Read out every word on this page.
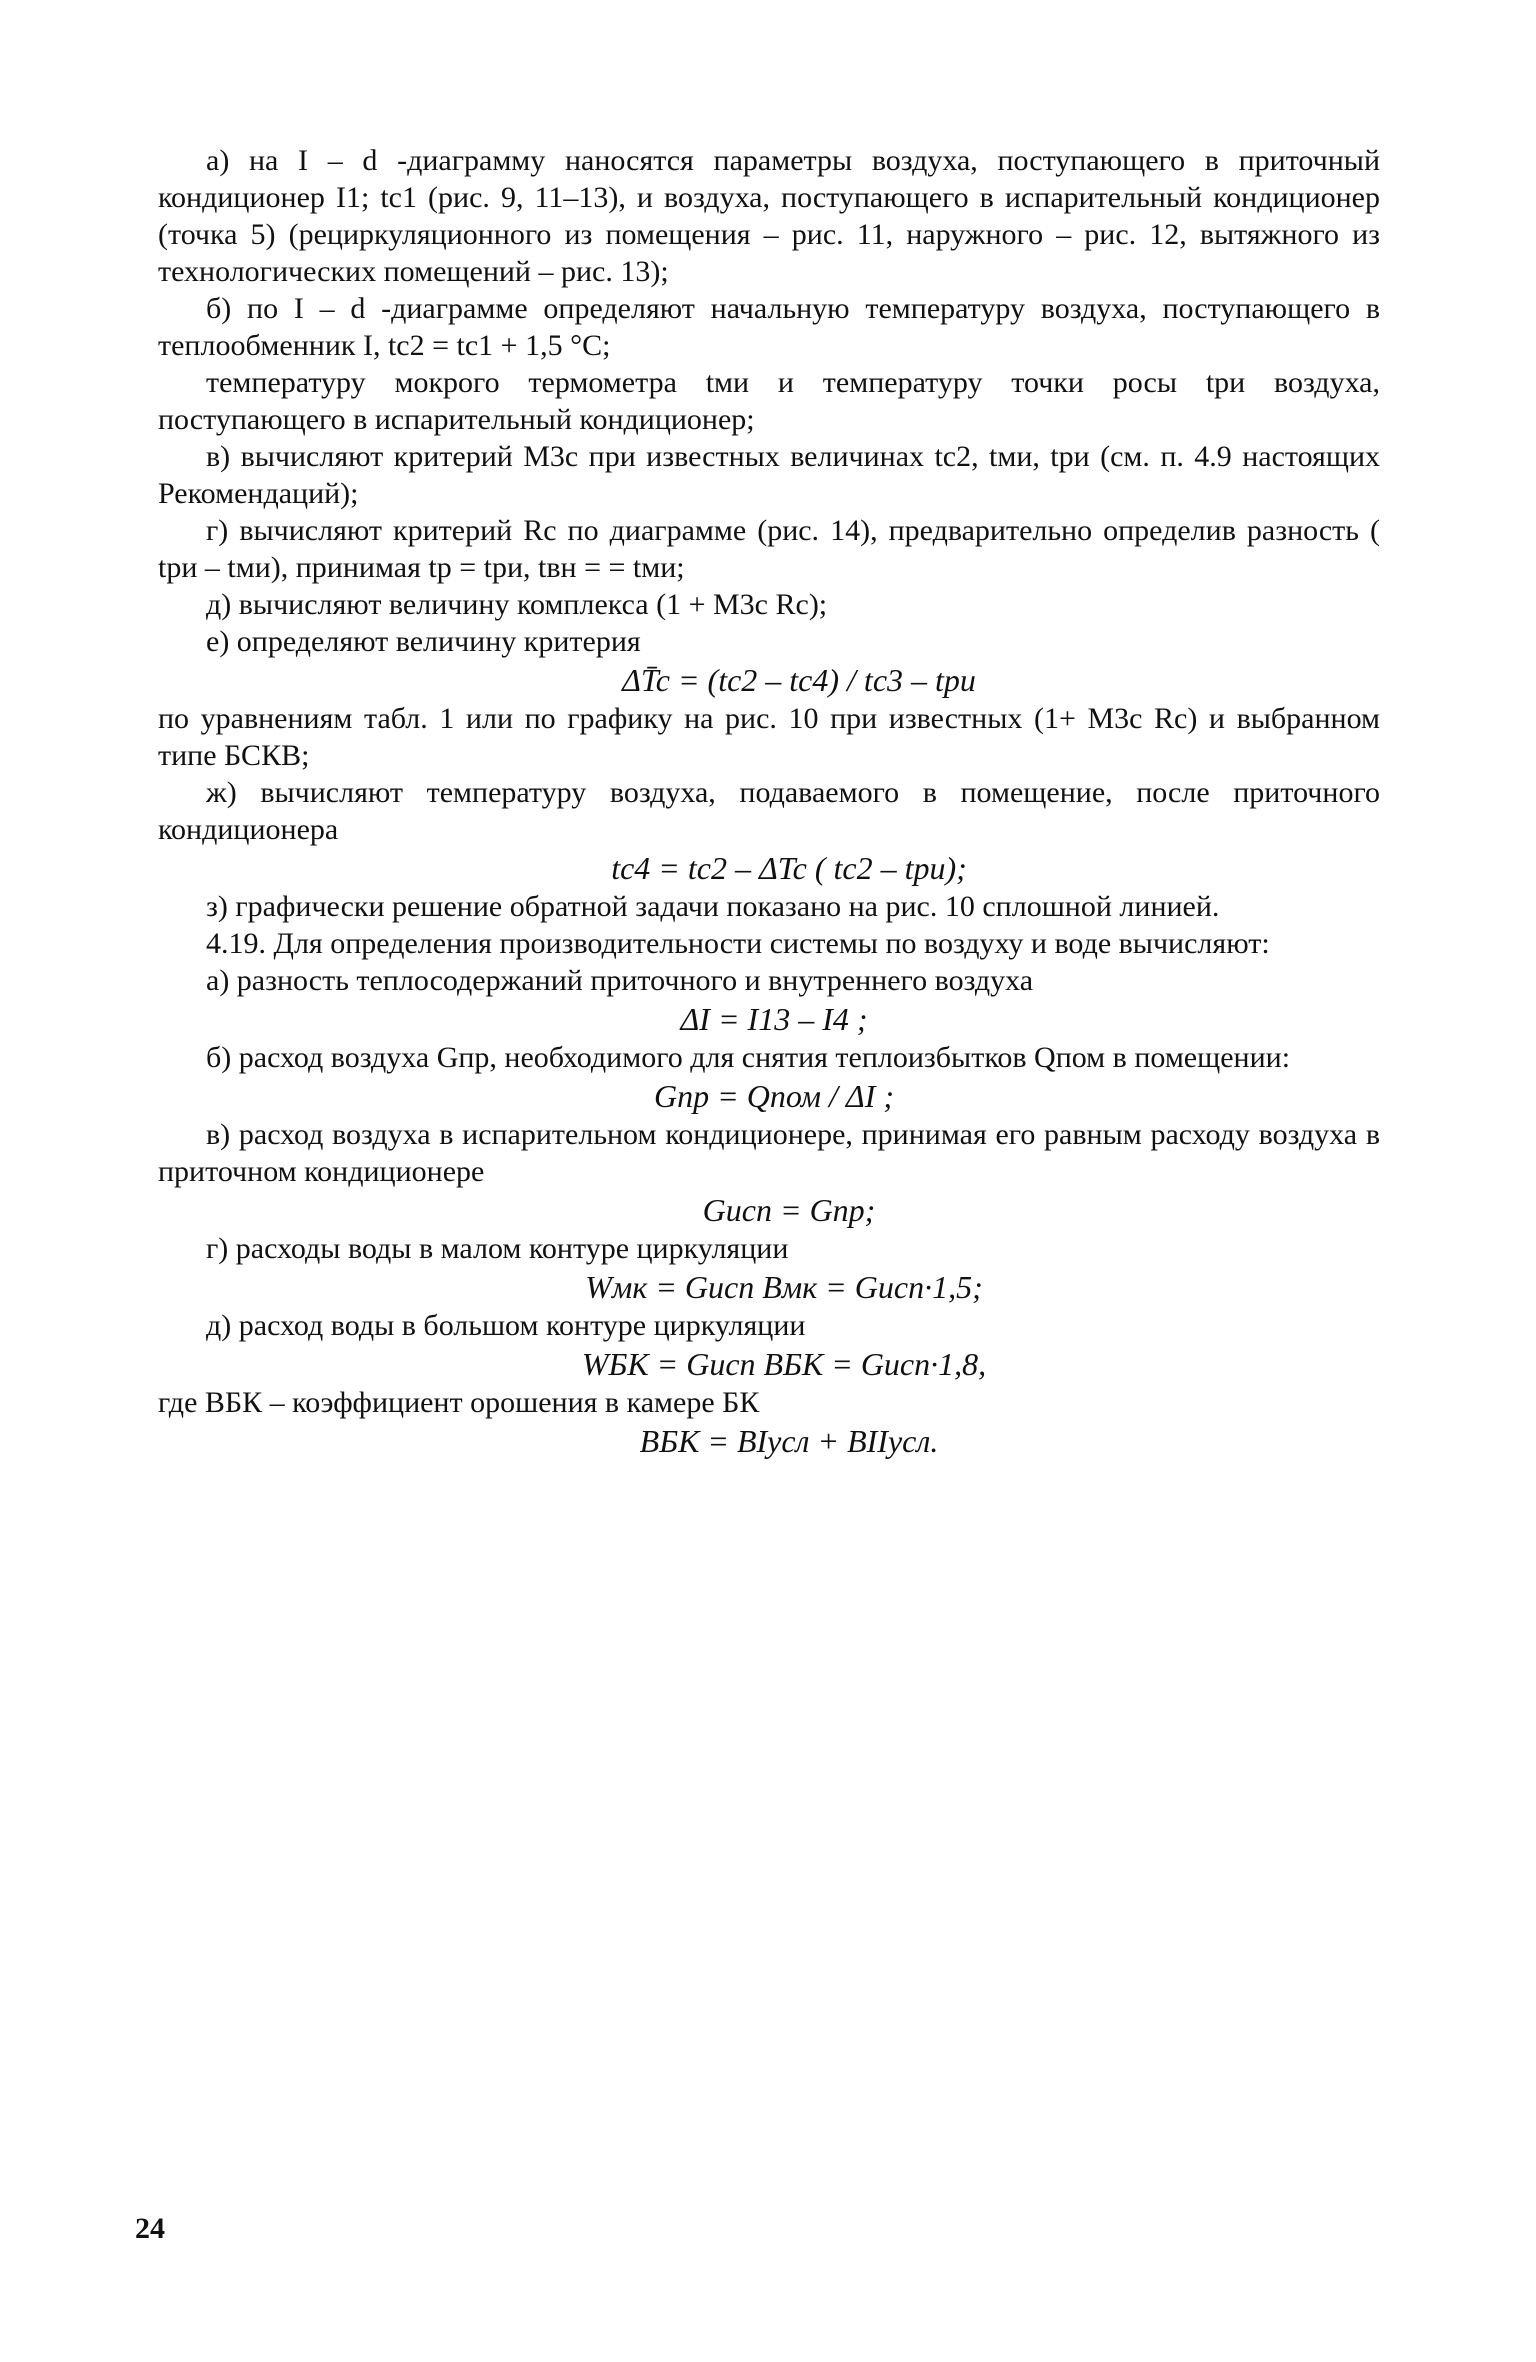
а) на I – d -диаграмму наносятся параметры воздуха, поступающего в приточный кондиционер I1; tc1 (рис. 9, 11–13), и воздуха, поступающего в испарительный кондиционер (точка 5) (рециркуляционного из помещения – рис. 11, наружного – рис. 12, вытяжного из технологических помещений – рис. 13);

б) по I – d -диаграмме определяют начальную температуру воздуха, поступающего в теплообменник I, tc2 = tc1 + 1,5 °С;

температуру мокрого термометра tми и температуру точки росы tри воздуха, поступающего в испарительный кондиционер;

в) вычисляют критерий M3c при известных величинах tc2, tми, tри (см. п. 4.9 настоящих Рекомендаций);

г) вычисляют критерий Rc по диаграмме (рис. 14), предварительно определив разность ( tри – tми), принимая tр = tри, tвн = = tми;

д) вычисляют величину комплекса (1 + M3c Rc);

е) определяют величину критерия

ΔT̄c = (tc2 – tc4) / tc3 – tри

по уравнениям табл. 1 или по графику на рис. 10 при известных (1+ M3c Rc) и выбранном типе БСКВ;

ж) вычисляют температуру воздуха, подаваемого в помещение, после приточного кондиционера

tc4 = tc2 – ΔTc ( tc2 – tри);

з) графически решение обратной задачи показано на рис. 10 сплошной линией.

4.19. Для определения производительности системы по воздуху и воде вычисляют:

а) разность теплосодержаний приточного и внутреннего воздуха

ΔI = I13 – I4 ;

б) расход воздуха Gпр, необходимого для снятия теплоизбытков Qпом в помещении:

Gпр = Qпом / ΔI ;

в) расход воздуха в испарительном кондиционере, принимая его равным расходу воздуха в приточном кондиционере

Gисп = Gпр;

г) расходы воды в малом контуре циркуляции

Wмк = Gисп Bмк = Gисп·1,5;

д) расход воды в большом контуре циркуляции

WБК = Gисп BБК = Gисп·1,8,

где BБК – коэффициент орошения в камере БК

BБК = BIусл + BIIусл.

24
